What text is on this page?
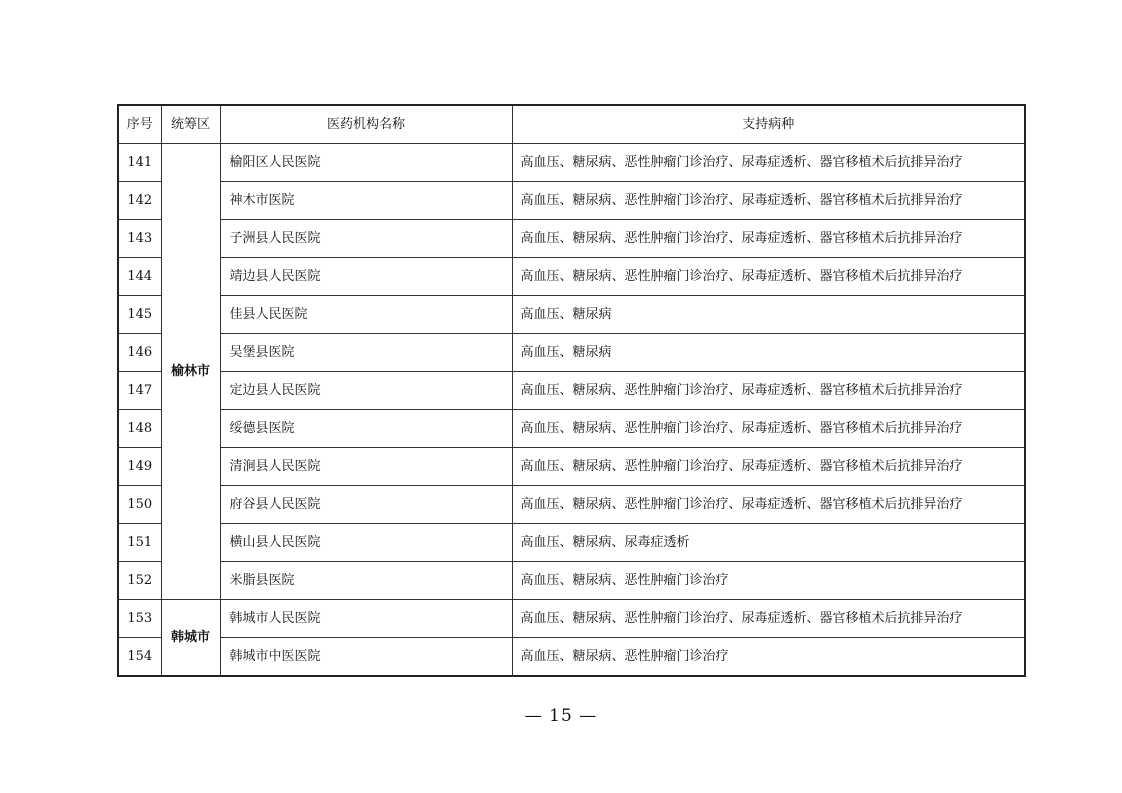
序号	统筹区	医药机构名称	支持病种
141	榆林市	榆阳区人民医院	高血压、糖尿病、恶性肿瘤门诊治疗、尿毒症透析、器官移植术后抗排异治疗
142		神木市医院	高血压、糖尿病、恶性肿瘤门诊治疗、尿毒症透析、器官移植术后抗排异治疗
143		子洲县人民医院	高血压、糖尿病、恶性肿瘤门诊治疗、尿毒症透析、器官移植术后抗排异治疗
144		靖边县人民医院	高血压、糖尿病、恶性肿瘤门诊治疗、尿毒症透析、器官移植术后抗排异治疗
145		佳县人民医院	高血压、糖尿病
146		吴堡县医院	高血压、糖尿病
147		定边县人民医院	高血压、糖尿病、恶性肿瘤门诊治疗、尿毒症透析、器官移植术后抗排异治疗
148		绥德县医院	高血压、糖尿病、恶性肿瘤门诊治疗、尿毒症透析、器官移植术后抗排异治疗
149		清涧县人民医院	高血压、糖尿病、恶性肿瘤门诊治疗、尿毒症透析、器官移植术后抗排异治疗
150		府谷县人民医院	高血压、糖尿病、恶性肿瘤门诊治疗、尿毒症透析、器官移植术后抗排异治疗
151		横山县人民医院	高血压、糖尿病、尿毒症透析
152		米脂县医院	高血压、糖尿病、恶性肿瘤门诊治疗
153	韩城市	韩城市人民医院	高血压、糖尿病、恶性肿瘤门诊治疗、尿毒症透析、器官移植术后抗排异治疗
154		韩城市中医医院	高血压、糖尿病、恶性肿瘤门诊治疗
— 15 —
